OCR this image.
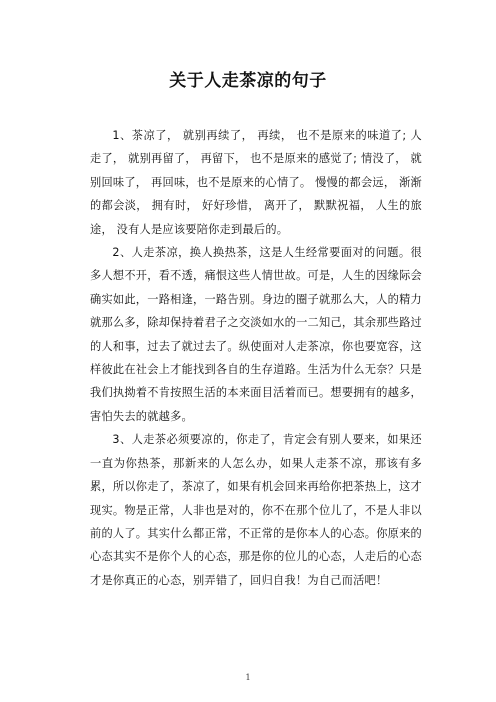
关于人走茶凉的句子

1、茶凉了， 就别再续了， 再续， 也不是原来的味道了; 人走了， 就别再留了， 再留下， 也不是原来的感觉了; 情没了， 就别回味了， 再回味，也不是原来的心情了。 慢慢的都会远， 渐渐的都会淡， 拥有时， 好好珍惜， 离开了， 默默祝福， 人生的旅途， 没有人是应该要陪你走到最后的。

2、人走茶凉，换人换热茶，这是人生经常要面对的问题。很多人想不开，看不透，痛恨这些人情世故。可是，人生的因缘际会确实如此，一路相逢，一路告别。身边的圈子就那么大，人的精力就那么多，除却保持着君子之交淡如水的一二知己，其余那些路过的人和事，过去了就过去了。纵使面对人走茶凉，你也要宽容，这样彼此在社会上才能找到各自的生存道路。生活为什么无奈？只是我们执拗着不肯按照生活的本来面目活着而已。想要拥有的越多，害怕失去的就越多。

3、人走茶必须要凉的，你走了，肯定会有别人要来，如果还一直为你热茶，那新来的人怎么办，如果人走茶不凉，那该有多累，所以你走了，茶凉了，如果有机会回来再给你把茶热上，这才现实。物是正常，人非也是对的，你不在那个位儿了，不是人非以前的人了。其实什么都正常，不正常的是你本人的心态。你原来的心态其实不是你个人的心态，那是你的位儿的心态，人走后的心态才是你真正的心态，别弄错了，回归自我！为自己而活吧！

1
